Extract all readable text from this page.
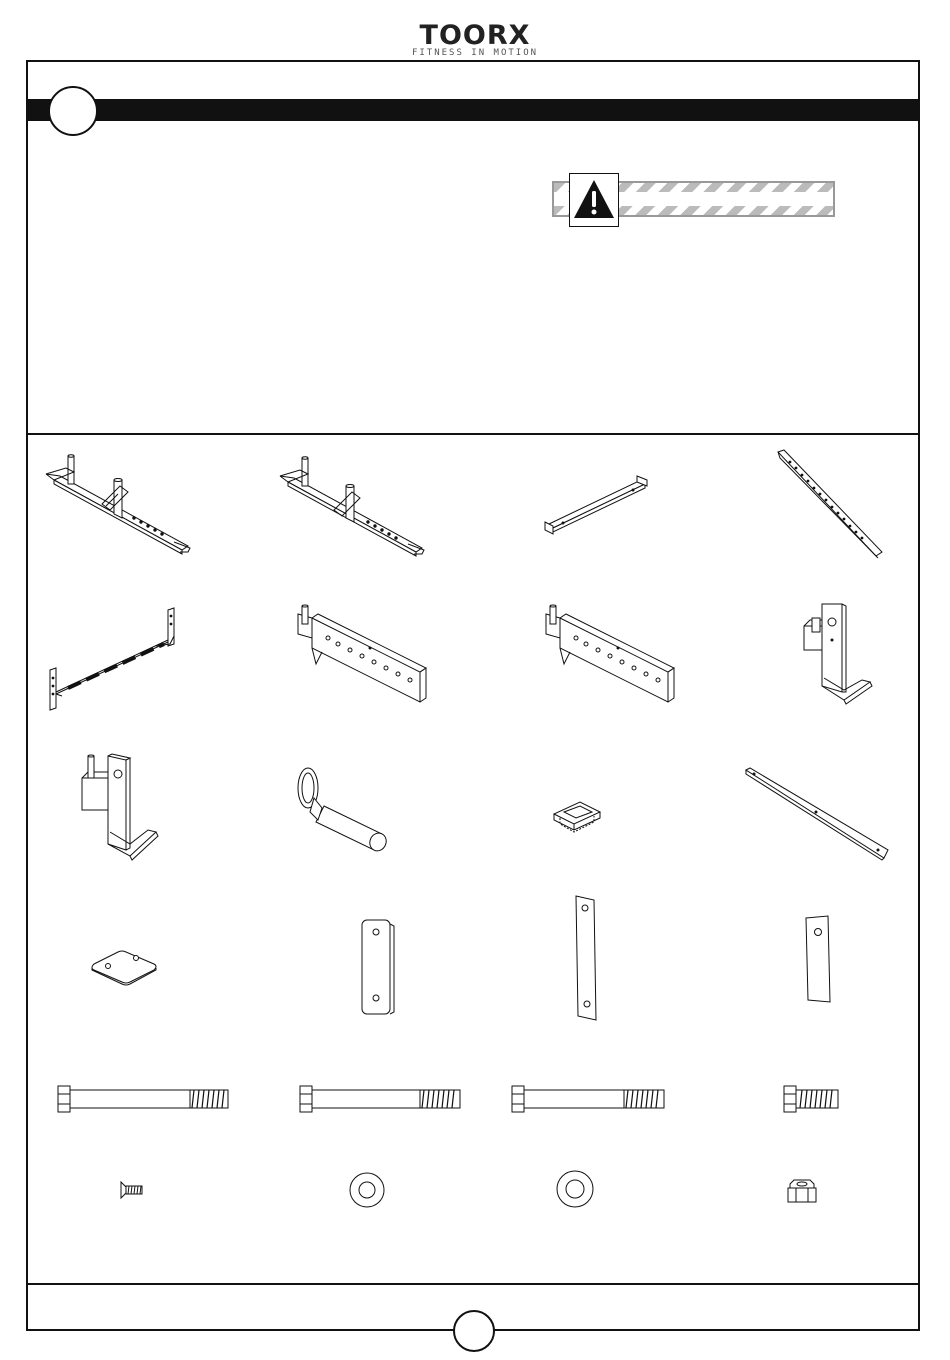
TOORX
FITNESS IN MOTION
